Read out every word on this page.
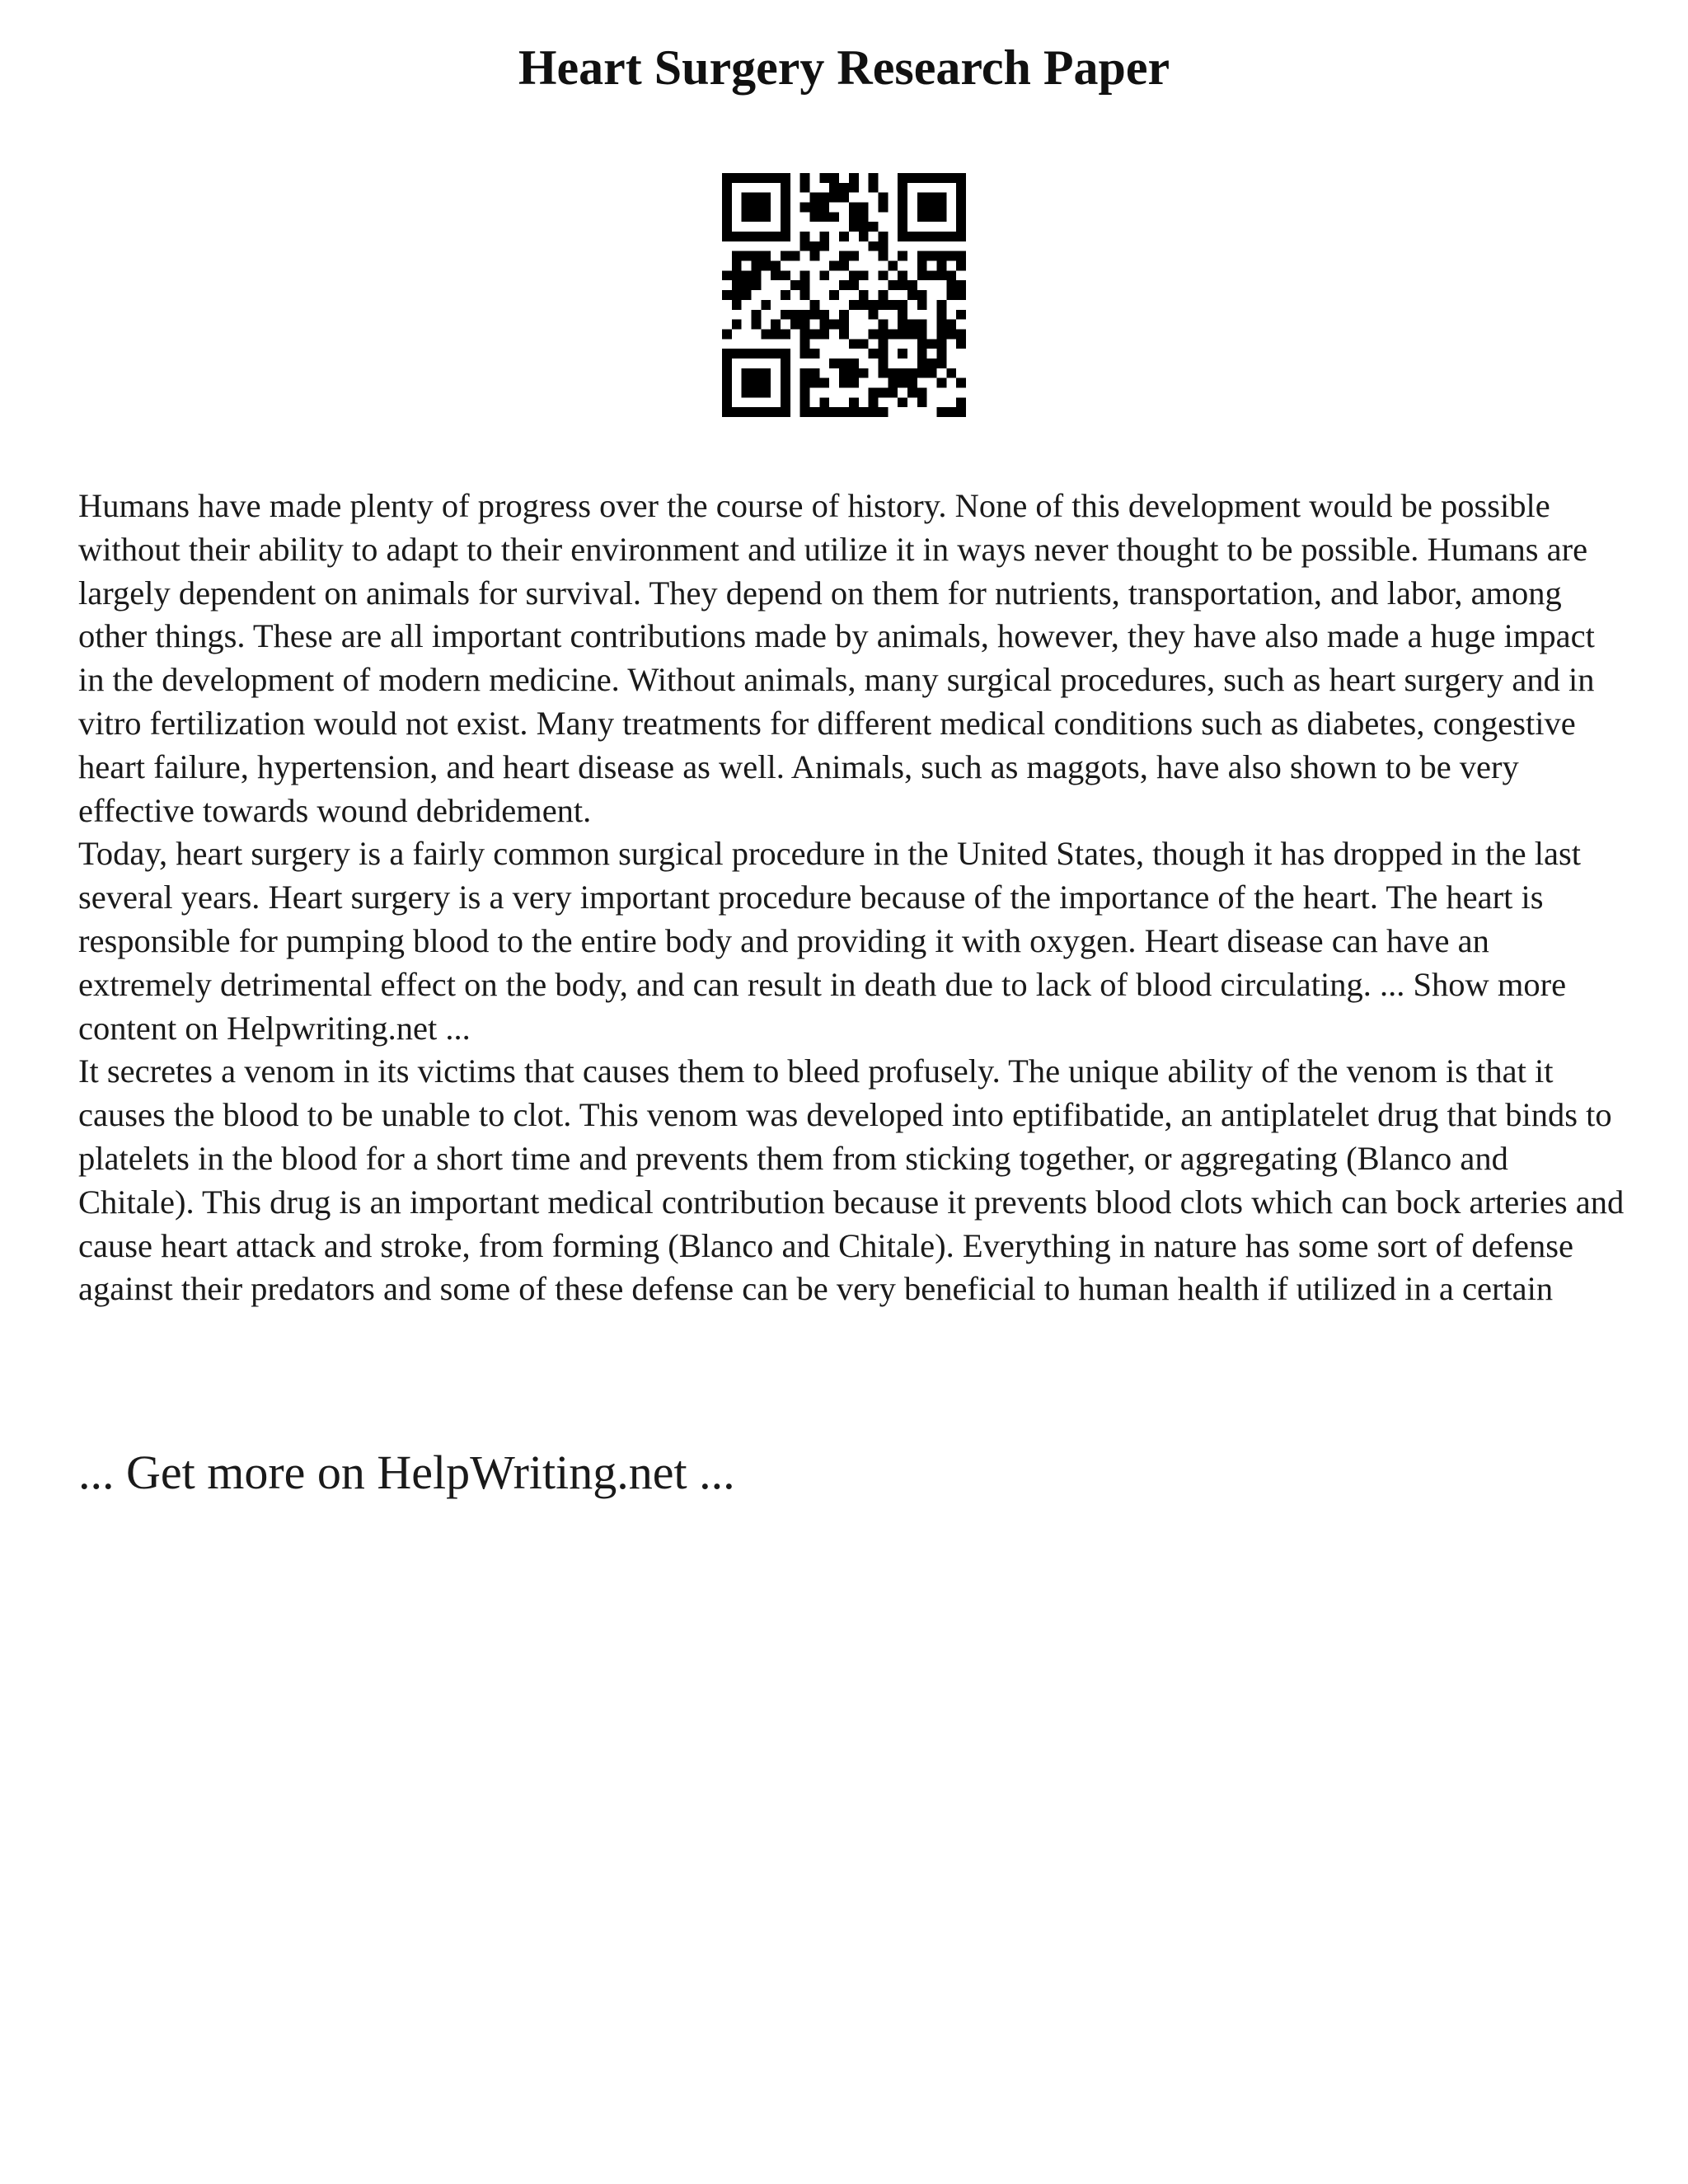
Heart Surgery Research Paper

Humans have made plenty of progress over the course of history. None of this development would be possible without their ability to adapt to their environment and utilize it in ways never thought to be possible. Humans are largely dependent on animals for survival. They depend on them for nutrients, transportation, and labor, among other things. These are all important contributions made by animals, however, they have also made a huge impact in the development of modern medicine. Without animals, many surgical procedures, such as heart surgery and in vitro fertilization would not exist. Many treatments for different medical conditions such as diabetes, congestive heart failure, hypertension, and heart disease as well. Animals, such as maggots, have also shown to be very effective towards wound debridement.

Today, heart surgery is a fairly common surgical procedure in the United States, though it has dropped in the last several years. Heart surgery is a very important procedure because of the importance of the heart. The heart is responsible for pumping blood to the entire body and providing it with oxygen. Heart disease can have an extremely detrimental effect on the body, and can result in death due to lack of blood circulating. ... Show more content on Helpwriting.net ...

It secretes a venom in its victims that causes them to bleed profusely. The unique ability of the venom is that it causes the blood to be unable to clot. This venom was developed into eptifibatide, an antiplatelet drug that binds to platelets in the blood for a short time and prevents them from sticking together, or aggregating (Blanco and Chitale). This drug is an important medical contribution because it prevents blood clots which can bock arteries and cause heart attack and stroke, from forming (Blanco and Chitale). Everything in nature has some sort of defense against their predators and some of these defense can be very beneficial to human health if utilized in a certain

... Get more on HelpWriting.net ...
